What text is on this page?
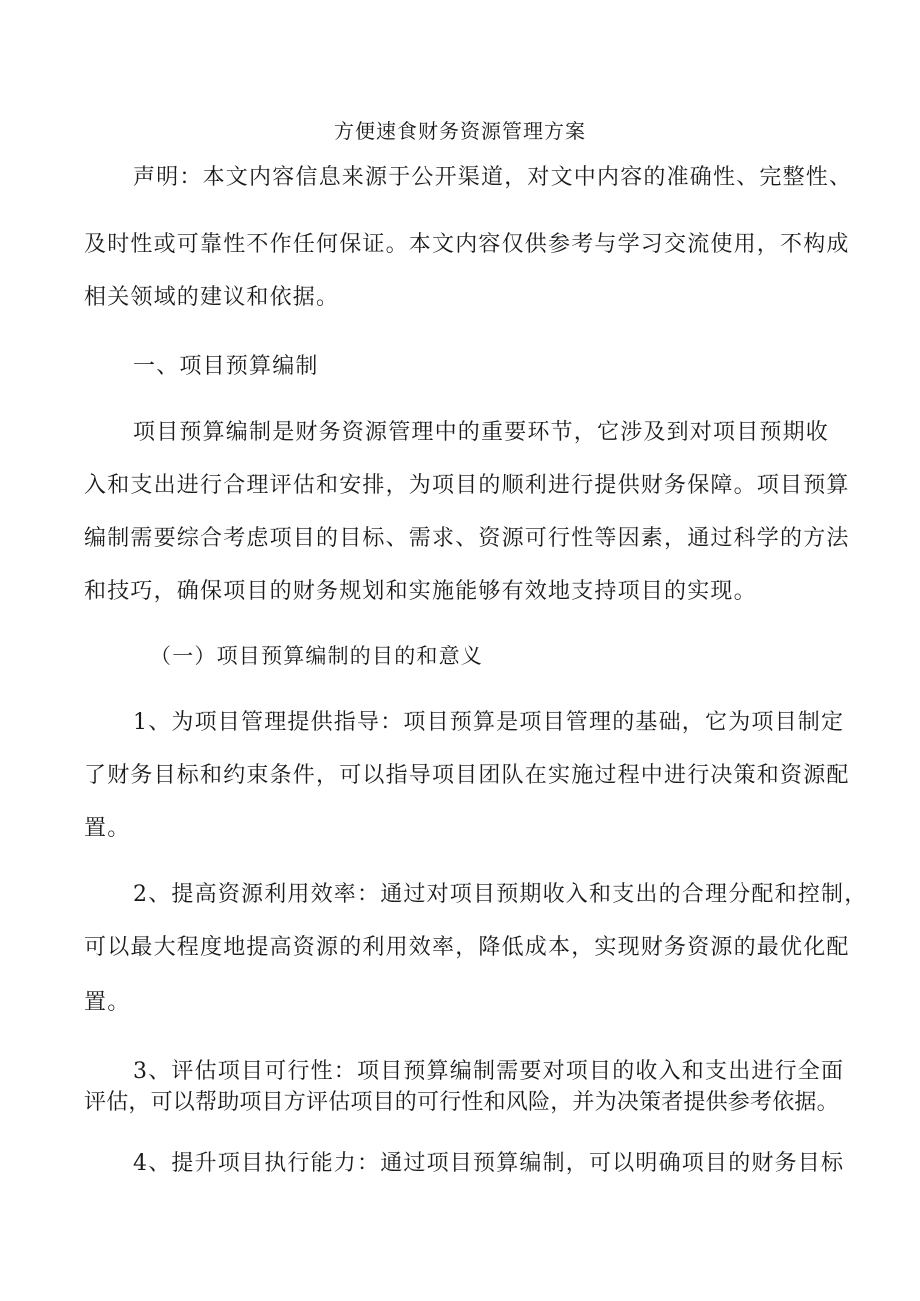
方便速食财务资源管理方案
声明：本文内容信息来源于公开渠道，对文中内容的准确性、完整性、
及时性或可靠性不作任何保证。本文内容仅供参考与学习交流使用，不构成
相关领域的建议和依据。
一、项目预算编制
项目预算编制是财务资源管理中的重要环节，它涉及到对项目预期收
入和支出进行合理评估和安排，为项目的顺利进行提供财务保障。项目预算
编制需要综合考虑项目的目标、需求、资源可行性等因素，通过科学的方法
和技巧，确保项目的财务规划和实施能够有效地支持项目的实现。
（一）项目预算编制的目的和意义
1、为项目管理提供指导：项目预算是项目管理的基础，它为项目制定
了财务目标和约束条件，可以指导项目团队在实施过程中进行决策和资源配
置。
2、提高资源利用效率：通过对项目预期收入和支出的合理分配和控制，
可以最大程度地提高资源的利用效率，降低成本，实现财务资源的最优化配
置。
3、评估项目可行性：项目预算编制需要对项目的收入和支出进行全面
评估，可以帮助项目方评估项目的可行性和风险，并为决策者提供参考依据。
4、提升项目执行能力：通过项目预算编制，可以明确项目的财务目标
